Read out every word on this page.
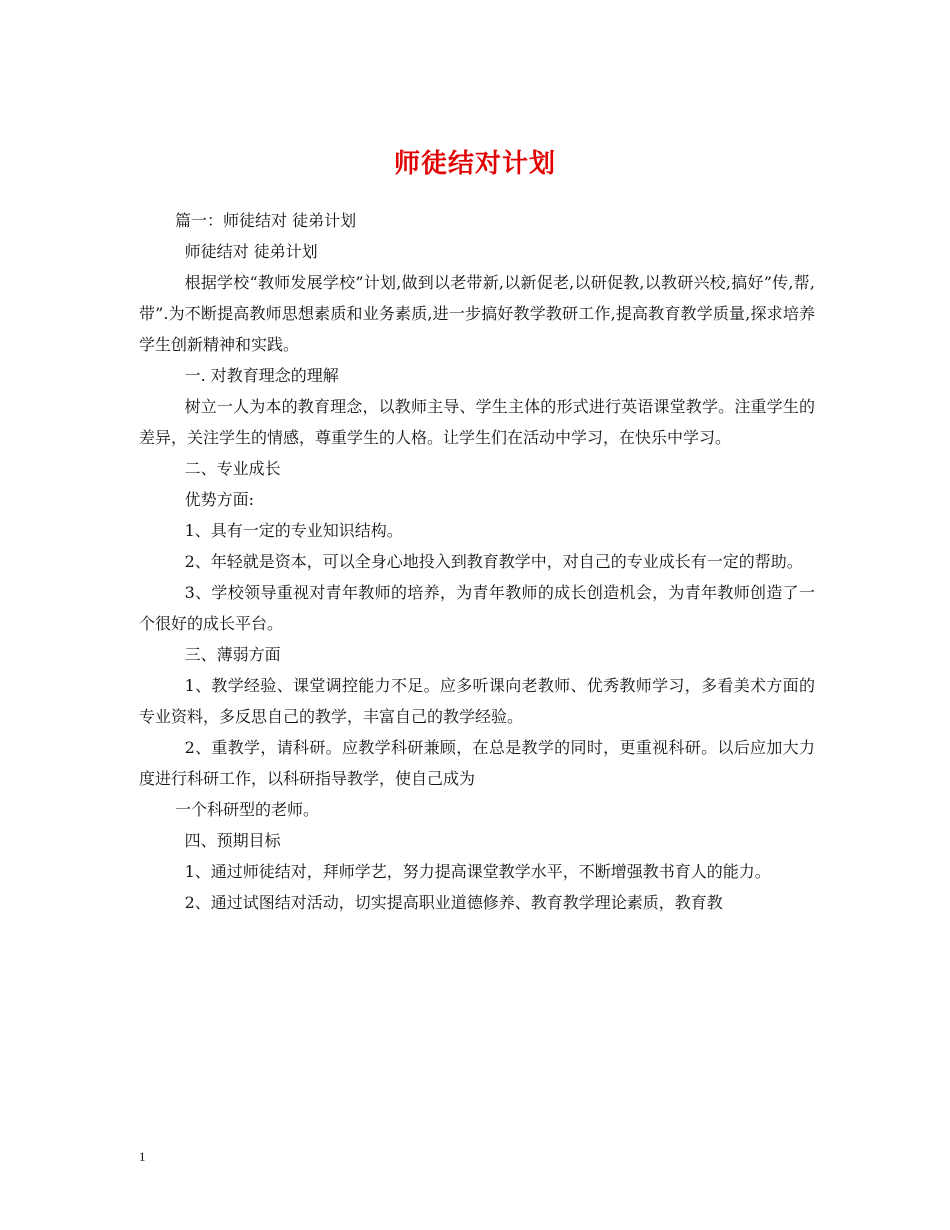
师徒结对计划

篇一：师徒结对 徒弟计划

师徒结对 徒弟计划

根据学校“教师发展学校”计划,做到以老带新,以新促老,以研促教,以教研兴校,搞好”传,帮,带”.为不断提高教师思想素质和业务素质,进一步搞好教学教研工作,提高教育教学质量,探求培养学生创新精神和实践。

一. 对教育理念的理解

树立一人为本的教育理念，以教师主导、学生主体的形式进行英语课堂教学。注重学生的差异，关注学生的情感，尊重学生的人格。让学生们在活动中学习，在快乐中学习。

二、专业成长

优势方面:

1、具有一定的专业知识结构。

2、年轻就是资本，可以全身心地投入到教育教学中，对自己的专业成长有一定的帮助。

3、学校领导重视对青年教师的培养，为青年教师的成长创造机会，为青年教师创造了一个很好的成长平台。

三、薄弱方面

1、教学经验、课堂调控能力不足。应多听课向老教师、优秀教师学习，多看美术方面的专业资料，多反思自己的教学，丰富自己的教学经验。

2、重教学，请科研。应教学科研兼顾，在总是教学的同时，更重视科研。以后应加大力度进行科研工作，以科研指导教学，使自己成为

一个科研型的老师。

四、预期目标

1、通过师徒结对，拜师学艺，努力提高课堂教学水平，不断增强教书育人的能力。

2、通过试图结对活动，切实提高职业道德修养、教育教学理论素质，教育教

1
